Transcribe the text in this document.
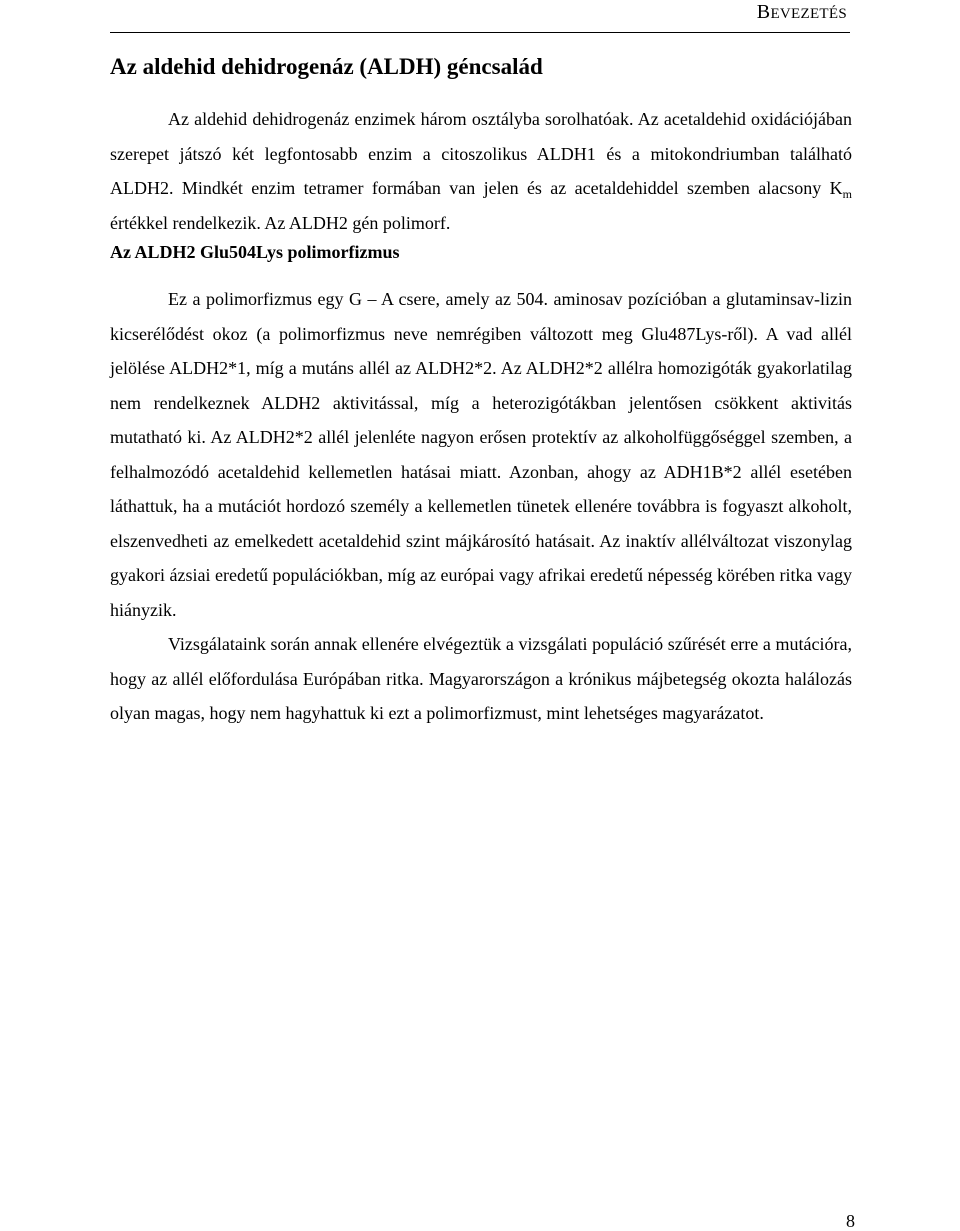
BEVEZETÉS
Az aldehid dehidrogenáz (ALDH) géncsalád

Az aldehid dehidrogenáz enzimek három osztályba sorolhatóak. Az acetaldehid oxidációjában szerepet játszó két legfontosabb enzim a citoszolikus ALDH1 és a mitokondriumban található ALDH2. Mindkét enzim tetramer formában van jelen és az acetaldehiddel szemben alacsony $K_m$ értékkel rendelkezik. Az ALDH2 gén polimorf.

Az ALDH2 Glu504Lys polimorfizmus

Ez a polimorfizmus egy G – A csere, amely az 504. aminosav pozícióban a glutaminsav-lizin kicserélődést okoz (a polimorfizmus neve nemrégiben változott meg Glu487Lys-ről). A vad allél jelölése ALDH2*1, míg a mutáns allél az ALDH2*2. Az ALDH2*2 allélra homozigóták gyakorlatilag nem rendelkeznek ALDH2 aktivitással, míg a heterozigótákban jelentősen csökkent aktivitás mutatható ki. Az ALDH2*2 allél jelenléte nagyon erősen protektív az alkoholfüggőséggel szemben, a felhalmozódó acetaldehid kellemetlen hatásai miatt. Azonban, ahogy az ADH1B*2 allél esetében láthattuk, ha a mutációt hordozó személy a kellemetlen tünetek ellenére továbbra is fogyaszt alkoholt, elszenvedheti az emelkedett acetaldehid szint májkárosító hatásait. Az inaktív allélváltozat viszonylag gyakori ázsiai eredetű populációkban, míg az európai vagy afrikai eredetű népesség körében ritka vagy hiányzik.

Vizsgálataink során annak ellenére elvégeztük a vizsgálati populáció szűrését erre a mutációra, hogy az allél előfordulása Európában ritka. Magyarországon a krónikus májbetegség okozta halálozás olyan magas, hogy nem hagyhattuk ki ezt a polimorfizmust, mint lehetséges magyarázatot.

8
